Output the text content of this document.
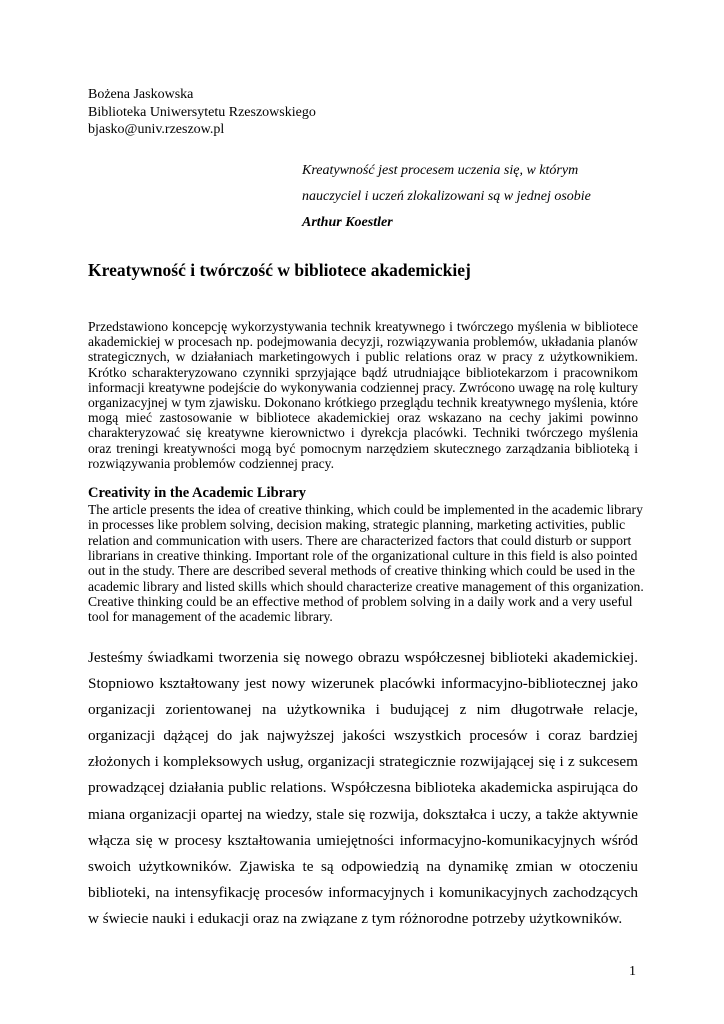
Bożena Jaskowska
Biblioteka Uniwersytetu Rzeszowskiego
bjasko@univ.rzeszow.pl
Kreatywność jest procesem uczenia się, w którym
nauczyciel i uczeń zlokalizowani są w jednej osobie
Arthur Koestler
Kreatywność i twórczość w bibliotece akademickiej

Przedstawiono koncepcję wykorzystywania technik kreatywnego i twórczego myślenia w bibliotece akademickiej w procesach np. podejmowania decyzji, rozwiązywania problemów, układania planów strategicznych, w działaniach marketingowych i public relations oraz w pracy z użytkownikiem. Krótko scharakteryzowano czynniki sprzyjające bądź utrudniające bibliotekarzom i pracownikom informacji kreatywne podejście do wykonywania codziennej pracy. Zwrócono uwagę na rolę kultury organizacyjnej w tym zjawisku. Dokonano krótkiego przeglądu technik kreatywnego myślenia, które mogą mieć zastosowanie w bibliotece akademickiej oraz wskazano na cechy jakimi powinno charakteryzować się kreatywne kierownictwo i dyrekcja placówki. Techniki twórczego myślenia oraz treningi kreatywności mogą być pomocnym narzędziem skutecznego zarządzania biblioteką i rozwiązywania problemów codziennej pracy.

Creativity in the Academic Library
The article presents the idea of creative thinking, which could be implemented in the academic library
in processes like problem solving, decision making, strategic planning, marketing activities, public
relation and communication with users. There are characterized factors that could disturb or support
librarians in creative thinking. Important role of the organizational culture in this field is also pointed
out in the study. There are described several methods of creative thinking which could be used in the
academic library and listed skills which should characterize creative management of this organization.
Creative thinking could be an effective method of problem solving in a daily work and a very useful
tool for management of the academic library.

Jesteśmy świadkami tworzenia się nowego obrazu współczesnej biblioteki akademickiej. Stopniowo kształtowany jest nowy wizerunek placówki informacyjno-bibliotecznej jako organizacji zorientowanej na użytkownika i budującej z nim długotrwałe relacje, organizacji dążącej do jak najwyższej jakości wszystkich procesów i coraz bardziej złożonych i kompleksowych usług, organizacji strategicznie rozwijającej się i z sukcesem prowadzącej działania public relations. Współczesna biblioteka akademicka aspirująca do miana organizacji opartej na wiedzy, stale się rozwija, dokształca i uczy, a także aktywnie włącza się w procesy kształtowania umiejętności informacyjno-komunikacyjnych wśród swoich użytkowników. Zjawiska te są odpowiedzią na dynamikę zmian w otoczeniu biblioteki, na intensyfikację procesów informacyjnych i komunikacyjnych zachodzących w świecie nauki i edukacji oraz na związane z tym różnorodne potrzeby użytkowników.

1
